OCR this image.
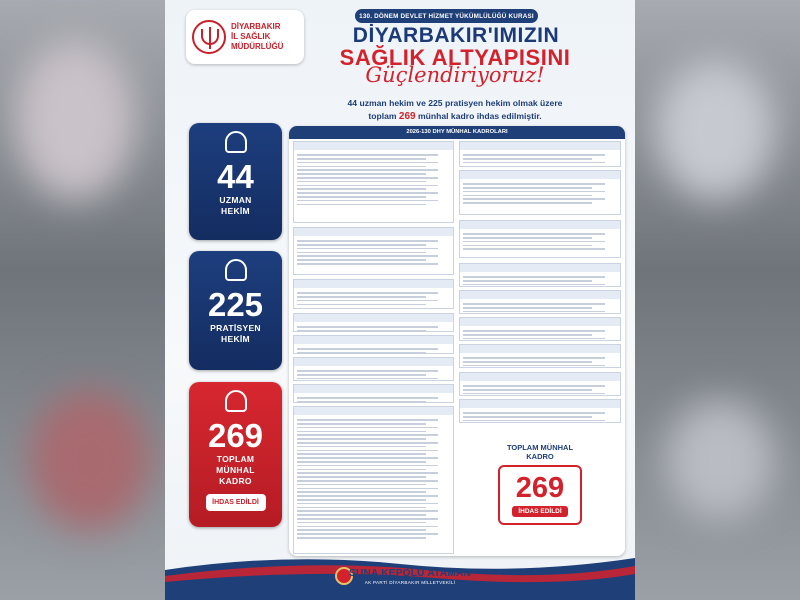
DİYARBAKIR
İL SAĞLIK
MÜDÜRLÜĞÜ
130. DÖNEM DEVLET HİZMET YÜKÜMLÜLÜĞÜ KURASI
DİYARBAKIR'IMIZIN
SAĞLIK ALTYAPISINI
Güçlendiriyoruz!
44 uzman hekim ve 225 pratisyen hekim olmak üzere
toplam 269 münhal kadro ihdas edilmiştir.
44
UZMAN
HEKİM
225
PRATİSYEN
HEKİM
269
TOPLAM
MÜNHAL
KADRO
İHDAS EDİLDİ
2026-130 DHY MÜNHAL KADROLARI
TOPLAM MÜNHAL KADRO
269
İHDAS EDİLDİ
SUNA KEPOLU ATAMAN
AK PARTİ DİYARBAKIR MİLLETVEKİLİ
